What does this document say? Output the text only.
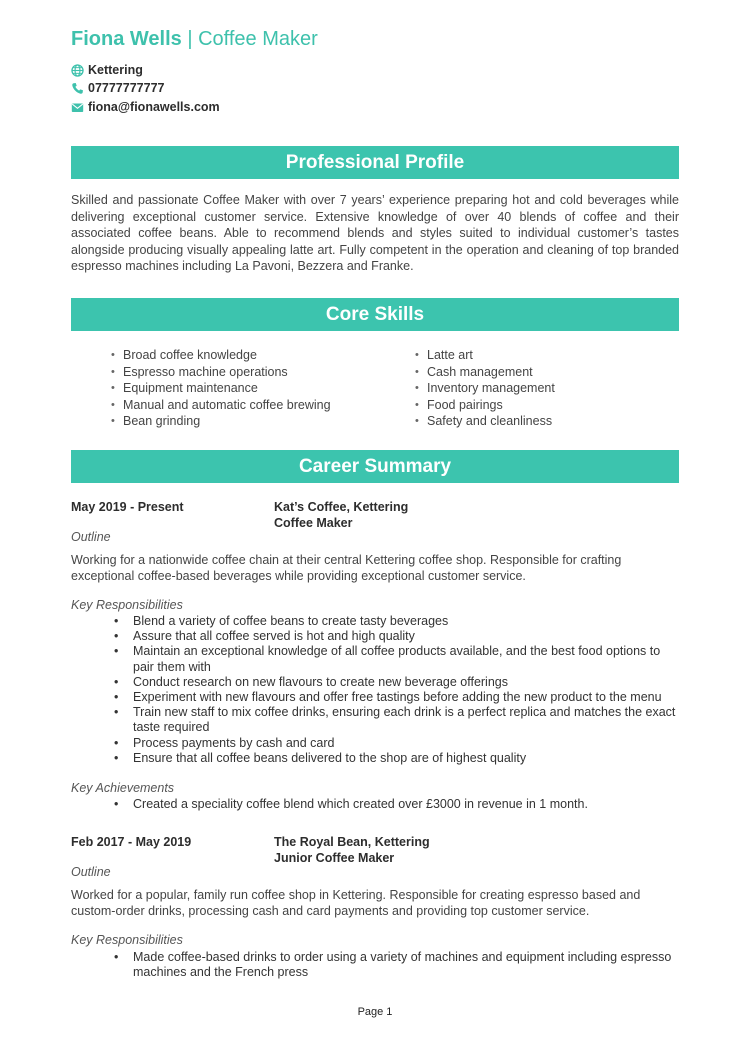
Fiona Wells | Coffee Maker
Kettering
07777777777
fiona@fionawells.com
Professional Profile
Skilled and passionate Coffee Maker with over 7 years’ experience preparing hot and cold beverages while delivering exceptional customer service. Extensive knowledge of over 40 blends of coffee and their associated coffee beans. Able to recommend blends and styles suited to individual customer’s tastes alongside producing visually appealing latte art. Fully competent in the operation and cleaning of top branded espresso machines including La Pavoni, Bezzera and Franke.
Core Skills
• Broad coffee knowledge
• Espresso machine operations
• Equipment maintenance
• Manual and automatic coffee brewing
• Bean grinding
• Latte art
• Cash management
• Inventory management
• Food pairings
• Safety and cleanliness
Career Summary
May 2019 - Present	Kat’s Coffee, Kettering
Coffee Maker
Outline
Working for a nationwide coffee chain at their central Kettering coffee shop. Responsible for crafting exceptional coffee-based beverages while providing exceptional customer service.
Key Responsibilities
• Blend a variety of coffee beans to create tasty beverages
• Assure that all coffee served is hot and high quality
• Maintain an exceptional knowledge of all coffee products available, and the best food options to pair them with
• Conduct research on new flavours to create new beverage offerings
• Experiment with new flavours and offer free tastings before adding the new product to the menu
• Train new staff to mix coffee drinks, ensuring each drink is a perfect replica and matches the exact taste required
• Process payments by cash and card
• Ensure that all coffee beans delivered to the shop are of highest quality
Key Achievements
• Created a speciality coffee blend which created over £3000 in revenue in 1 month.
Feb 2017 - May 2019	The Royal Bean, Kettering
Junior Coffee Maker
Outline
Worked for a popular, family run coffee shop in Kettering. Responsible for creating espresso based and custom-order drinks, processing cash and card payments and providing top customer service.
Key Responsibilities
• Made coffee-based drinks to order using a variety of machines and equipment including espresso machines and the French press
Page 1
